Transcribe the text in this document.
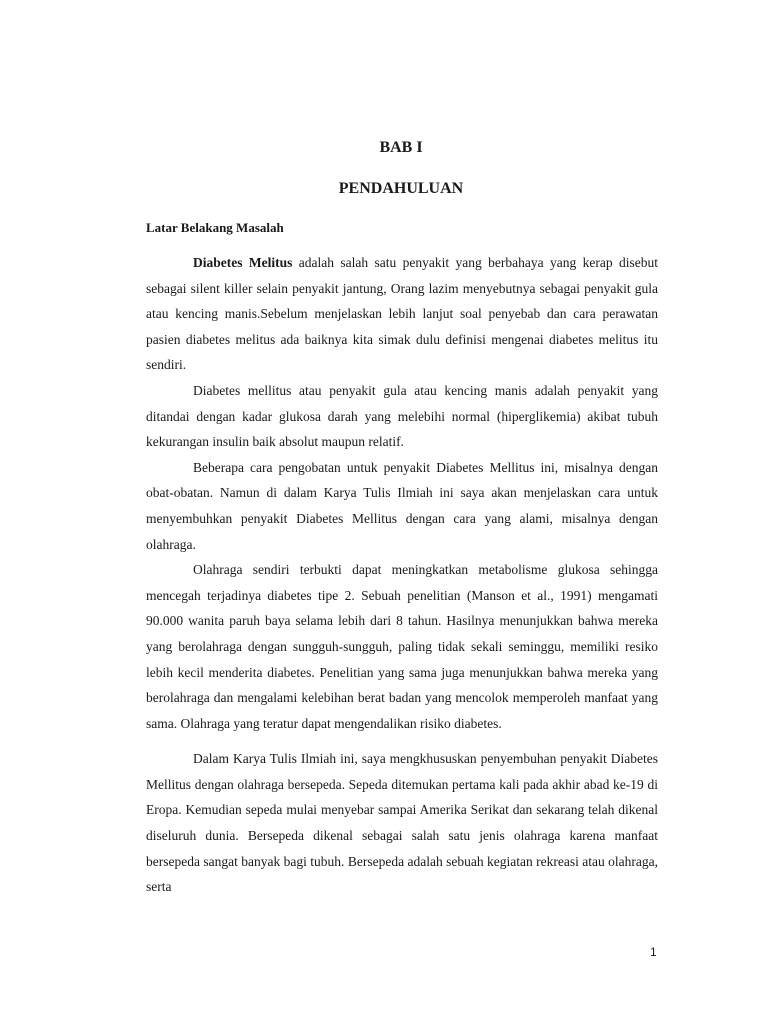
BAB I
PENDAHULUAN
Latar Belakang Masalah

Diabetes Melitus adalah salah satu penyakit yang berbahaya yang kerap disebut sebagai silent killer selain penyakit jantung, Orang lazim menyebutnya sebagai penyakit gula atau kencing manis.Sebelum menjelaskan lebih lanjut soal penyebab dan cara perawatan pasien diabetes melitus ada baiknya kita simak dulu definisi mengenai diabetes melitus itu sendiri.

Diabetes mellitus atau penyakit gula atau kencing manis adalah penyakit yang ditandai dengan kadar glukosa darah yang melebihi normal (hiperglikemia) akibat tubuh kekurangan insulin baik absolut maupun relatif.

Beberapa cara pengobatan untuk penyakit Diabetes Mellitus ini, misalnya dengan obat-obatan. Namun di dalam Karya Tulis Ilmiah ini saya akan menjelaskan cara untuk menyembuhkan penyakit Diabetes Mellitus dengan cara yang alami, misalnya dengan olahraga.

Olahraga sendiri terbukti dapat meningkatkan metabolisme glukosa sehingga mencegah terjadinya diabetes tipe 2. Sebuah penelitian (Manson et al., 1991) mengamati 90.000 wanita paruh baya selama lebih dari 8 tahun. Hasilnya menunjukkan bahwa mereka yang berolahraga dengan sungguh-sungguh, paling tidak sekali seminggu, memiliki resiko lebih kecil menderita diabetes. Penelitian yang sama juga menunjukkan bahwa mereka yang berolahraga dan mengalami kelebihan berat badan yang mencolok memperoleh manfaat yang sama. Olahraga yang teratur dapat mengendalikan risiko diabetes.

Dalam Karya Tulis Ilmiah ini, saya mengkhususkan penyembuhan penyakit Diabetes Mellitus dengan olahraga bersepeda. Sepeda ditemukan pertama kali pada akhir abad ke-19 di Eropa. Kemudian sepeda mulai menyebar sampai Amerika Serikat dan sekarang telah dikenal diseluruh dunia. Bersepeda dikenal sebagai salah satu jenis olahraga karena manfaat bersepeda sangat banyak bagi tubuh. Bersepeda adalah sebuah kegiatan rekreasi atau olahraga, serta

1
